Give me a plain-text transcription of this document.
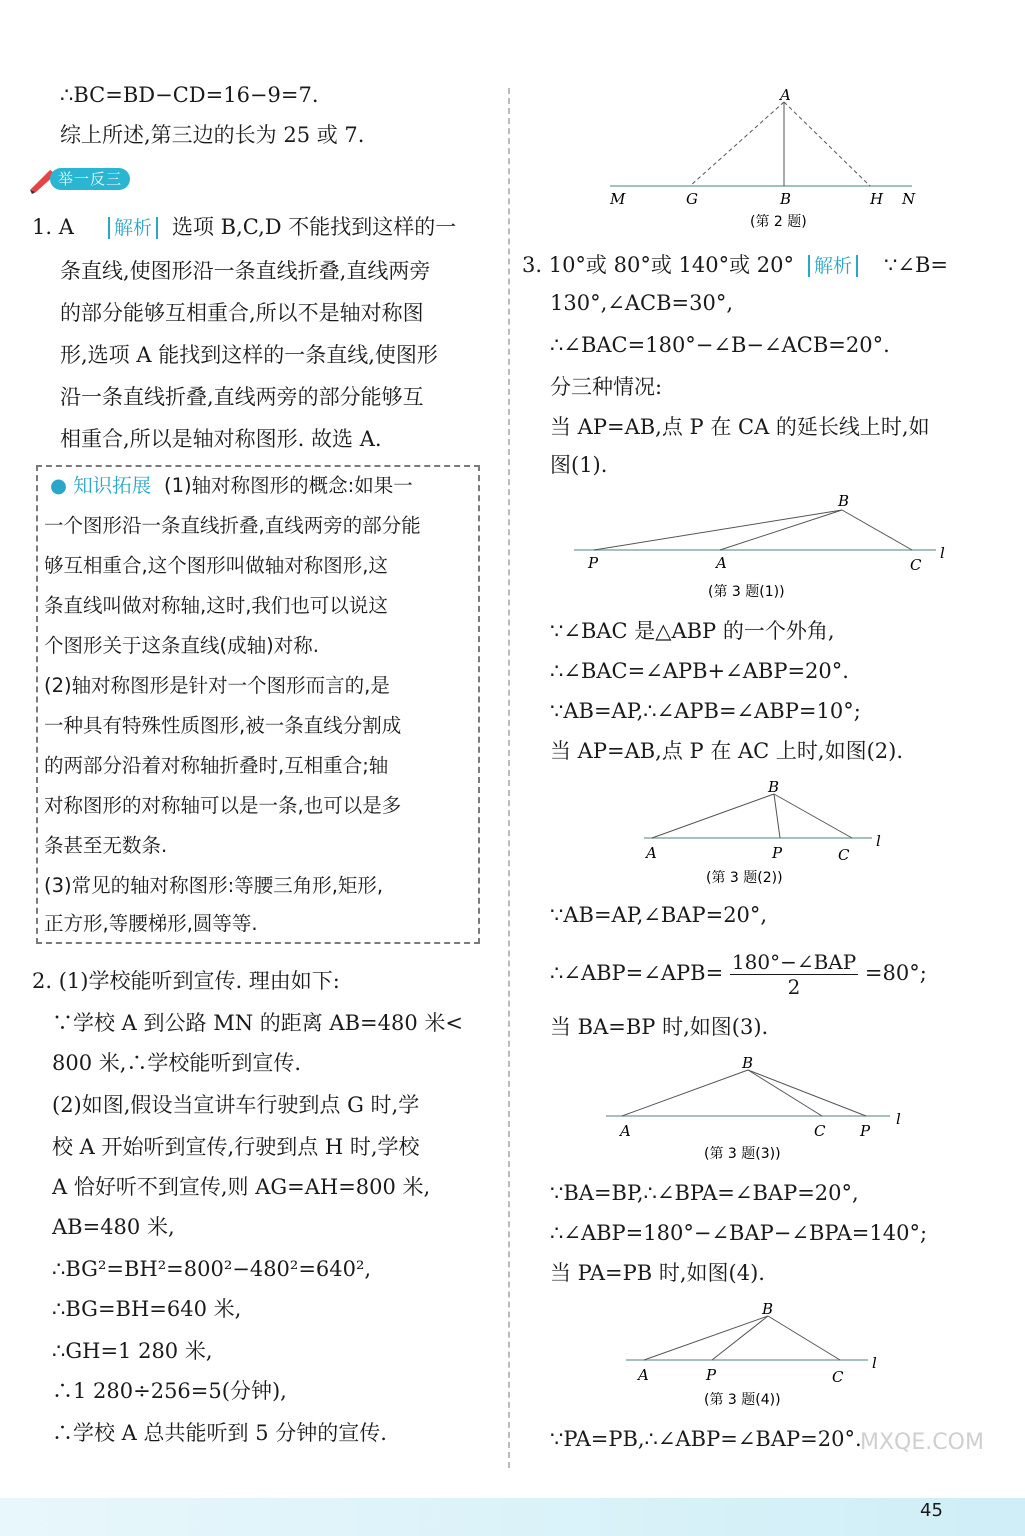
∴BC=BD−CD=16−9=7.
综上所述,第三边的长为 25 或 7.
举一反三
1. A	解析 选项 B,C,D 不能找到这样的一
条直线,使图形沿一条直线折叠,直线两旁
的部分能够互相重合,所以不是轴对称图
形,选项 A 能找到这样的一条直线,使图形
沿一条直线折叠,直线两旁的部分能够互
相重合,所以是轴对称图形. 故选 A.
● 知识拓展 (1)轴对称图形的概念:如果一
一个图形沿一条直线折叠,直线两旁的部分能
够互相重合,这个图形叫做轴对称图形,这
条直线叫做对称轴,这时,我们也可以说这
个图形关于这条直线(成轴)对称.
(2)轴对称图形是针对一个图形而言的,是
一种具有特殊性质图形,被一条直线分割成
的两部分沿着对称轴折叠时,互相重合;轴
对称图形的对称轴可以是一条,也可以是多
条甚至无数条.
(3)常见的轴对称图形:等腰三角形,矩形,
正方形,等腰梯形,圆等等.
2. (1)学校能听到宣传. 理由如下:
∵学校 A 到公路 MN 的距离 AB=480 米<
800 米,∴学校能听到宣传.
(2)如图,假设当宣讲车行驶到点 G 时,学
校 A 开始听到宣传,行驶到点 H 时,学校
A 恰好听不到宣传,则 AG=AH=800 米,
AB=480 米,
∴BG²=BH²=800²−480²=640²,
∴BG=BH=640 米,
∴GH=1 280 米,
∴1 280÷256=5(分钟),
∴学校 A 总共能听到 5 分钟的宣传.
A
M	G	B	H N
(第 2 题)
3. 10°或 80°或 140°或 20°	解析 ∵∠B=
130°,∠ACB=30°,
∴∠BAC=180°−∠B−∠ACB=20°.
分三种情况:
当 AP=AB,点 P 在 CA 的延长线上时,如
图(1).
B
P	A	C
l
(第 3 题(1))
∵∠BAC 是△ABP 的一个外角,
∴∠BAC=∠APB+∠ABP=20°.
∵AB=AP,∴∠APB=∠ABP=10°;
当 AP=AB,点 P 在 AC 上时,如图(2).
B
A	P	C
l
(第 3 题(2))
∵AB=AP,∠BAP=20°,
∴∠ABP=∠APB= $\frac{\text{180°−∠BAP}}{2} =80^\circ$;
当 BA=BP 时,如图(3).
B
A	C P
l
(第 3 题(3))
∵BA=BP,∴∠BPA=∠BAP=20°,
∴∠ABP=180°−∠BAP−∠BPA=140°;
当 PA=PB 时,如图(4).
B
A	P	C
l
(第 3 题(4))
∵PA=PB,∴∠ABP=∠BAP=20°.
MXQE.COM
45
